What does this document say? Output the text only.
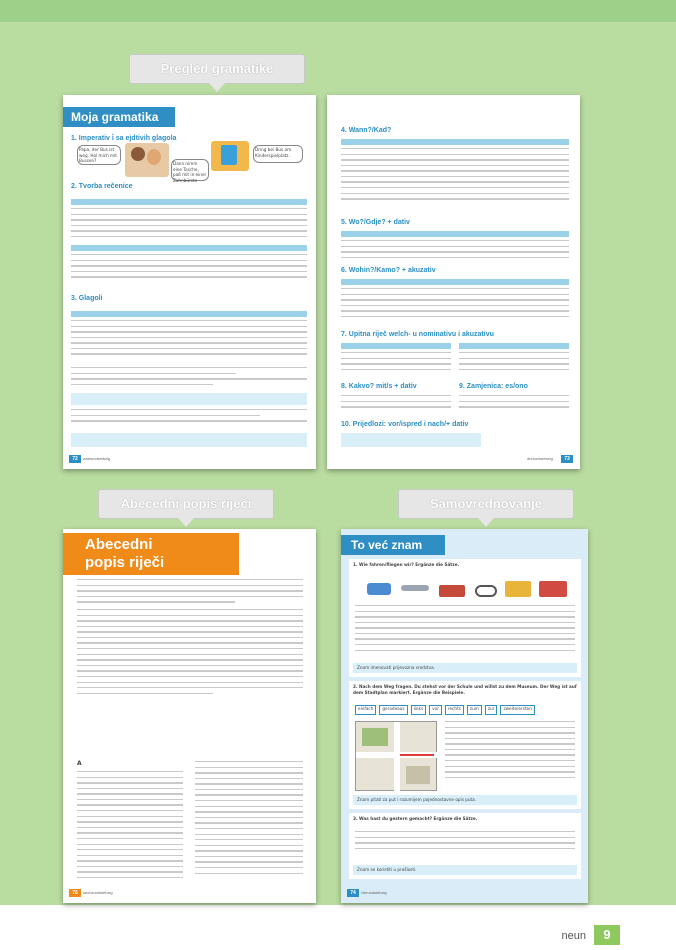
Pregled gramatike
Abecedni popis riječi	Samovrednovanje
Moja gramatika
1. Imperativ i̇ sa ejdtivih glagola
Papa, der Bus ist weg. Hol mich mit Bussen?
Dann nimm eine Tasche, paß mit in einer Zahnbürste
Dring bei Bus am Kinderspielplatz.
2. Tvorba rečenice
3. Glagoli
72	zweiundsiebzig
4. Wann?/Kad?
5. Wo?/Gdje? + dativ
6. Wohin?/Kamo? + akuzativ
7. Upitna riječ welch- u nominativu i akuzativu
8. Kakvo? mit/s + dativ	9. Zamjenica: es/ono
10. Prijedlozi: vor/ispred i nach/+ dativ
dreiundsiebzig	73
Abecedni
popis riječi
A
76	sechsundsiebzig
To već znam
1. Wie fahren/fliegen wir? Ergänze die Sätze.
Znam imenovati prijevozna sredstva.
2. Nach dem Weg fragen. Du stehst vor der Schule und willst zu dem Museum. Der Weg ist auf dem Stadtplan markiert. Ergänze die Beispiele.
einfach	geradeaus	links	vor	rechts	zum	zur	zweite/ersten
Znam pitati za put i razumijem pojednostavne opis puta.
3. Was hast du gestern gemacht? Ergänze die Sätze.
Znam se koristiti u prošlosti.
74	vierundsiebzig
neun	9
